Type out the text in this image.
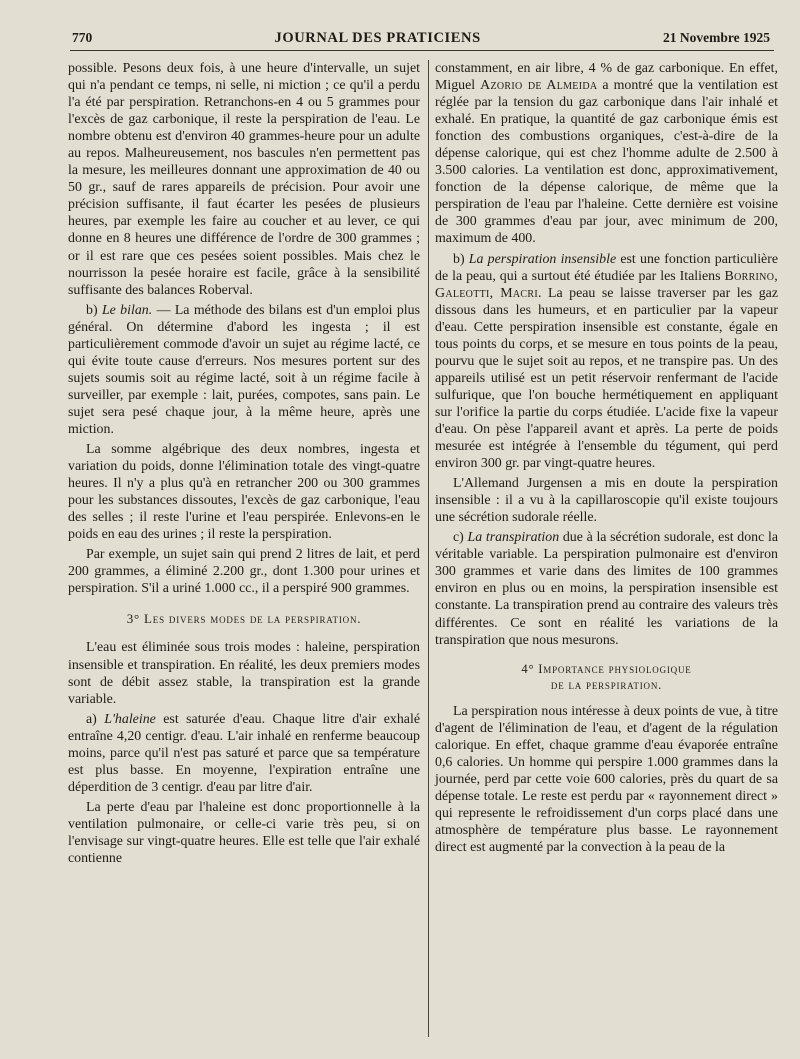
770	JOURNAL DES PRATICIENS	21 Novembre 1925

possible. Pesons deux fois, à une heure d'intervalle, un sujet qui n'a pendant ce temps, ni selle, ni miction ; ce qu'il a perdu l'a été par perspiration. Retranchons-en 4 ou 5 grammes pour l'excès de gaz carbonique, il reste la perspiration de l'eau. Le nombre obtenu est d'environ 40 grammes-heure pour un adulte au repos. Malheureusement, nos bascules n'en permettent pas la mesure, les meilleures donnant une approximation de 40 ou 50 gr., sauf de rares appareils de précision. Pour avoir une précision suffisante, il faut écarter les pesées de plusieurs heures, par exemple les faire au coucher et au lever, ce qui donne en 8 heures une différence de l'ordre de 300 grammes ; or il est rare que ces pesées soient possibles. Mais chez le nourrisson la pesée horaire est facile, grâce à la sensibilité suffisante des balances Roberval.

b) Le bilan. — La méthode des bilans est d'un emploi plus général. On détermine d'abord les ingesta ; il est particulièrement commode d'avoir un sujet au régime lacté, ce qui évite toute cause d'erreurs. Nos mesures portent sur des sujets soumis soit au régime lacté, soit à un régime facile à surveiller, par exemple : lait, purées, compotes, sans pain. Le sujet sera pesé chaque jour, à la même heure, après une miction.

La somme algébrique des deux nombres, ingesta et variation du poids, donne l'élimination totale des vingt-quatre heures. Il n'y a plus qu'à en retrancher 200 ou 300 grammes pour les substances dissoutes, l'excès de gaz carbonique, l'eau des selles ; il reste l'urine et l'eau perspirée. Enlevons-en le poids en eau des urines ; il reste la perspiration.

Par exemple, un sujet sain qui prend 2 litres de lait, et perd 200 grammes, a éliminé 2.200 gr., dont 1.300 pour urines et perspiration. S'il a uriné 1.000 cc., il a perspiré 900 grammes.

3° Les divers modes de la perspiration.

L'eau est éliminée sous trois modes : haleine, perspiration insensible et transpiration. En réalité, les deux premiers modes sont de débit assez stable, la transpiration est la grande variable.

a) L'haleine est saturée d'eau. Chaque litre d'air exhalé entraîne 4,20 centigr. d'eau. L'air inhalé en renferme beaucoup moins, parce qu'il n'est pas saturé et parce que sa température est plus basse. En moyenne, l'expiration entraîne une déperdition de 3 centigr. d'eau par litre d'air.

La perte d'eau par l'haleine est donc proportionnelle à la ventilation pulmonaire, or celle-ci varie très peu, si on l'envisage sur vingt-quatre heures. Elle est telle que l'air exhalé contienne

constamment, en air libre, 4 % de gaz carbonique. En effet, Miguel Azorio de Almeida a montré que la ventilation est réglée par la tension du gaz carbonique dans l'air inhalé et exhalé. En pratique, la quantité de gaz carbonique émis est fonction des combustions organiques, c'est-à-dire de la dépense calorique, qui est chez l'homme adulte de 2.500 à 3.500 calories. La ventilation est donc, approximativement, fonction de la dépense calorique, de même que la perspiration de l'eau par l'haleine. Cette dernière est voisine de 300 grammes d'eau par jour, avec minimum de 200, maximum de 400.

b) La perspiration insensible est une fonction particulière de la peau, qui a surtout été étudiée par les Italiens Borrino, Galeotti, Macri. La peau se laisse traverser par les gaz dissous dans les humeurs, et en particulier par la vapeur d'eau. Cette perspiration insensible est constante, égale en tous points du corps, et se mesure en tous points de la peau, pourvu que le sujet soit au repos, et ne transpire pas. Un des appareils utilisé est un petit réservoir renfermant de l'acide sulfurique, que l'on bouche hermétiquement en appliquant sur l'orifice la partie du corps étudiée. L'acide fixe la vapeur d'eau. On pèse l'appareil avant et après. La perte de poids mesurée est intégrée à l'ensemble du tégument, qui perd environ 300 gr. par vingt-quatre heures.

L'Allemand Jurgensen a mis en doute la perspiration insensible : il a vu à la capillaroscopie qu'il existe toujours une sécrétion sudorale réelle.

c) La transpiration due à la sécrétion sudorale, est donc la véritable variable. La perspiration pulmonaire est d'environ 300 grammes et varie dans des limites de 100 grammes environ en plus ou en moins, la perspiration insensible est constante. La transpiration prend au contraire des valeurs très différentes. Ce sont en réalité les variations de la transpiration que nous mesurons.

4° Importance physiologique
de la perspiration.

La perspiration nous intéresse à deux points de vue, à titre d'agent de l'élimination de l'eau, et d'agent de la régulation calorique. En effet, chaque gramme d'eau évaporée entraîne 0,6 calories. Un homme qui perspire 1.000 grammes dans la journée, perd par cette voie 600 calories, près du quart de sa dépense totale. Le reste est perdu par « rayonnement direct » qui represente le refroidissement d'un corps placé dans une atmosphère de température plus basse. Le rayonnement direct est augmenté par la convection à la peau de la
